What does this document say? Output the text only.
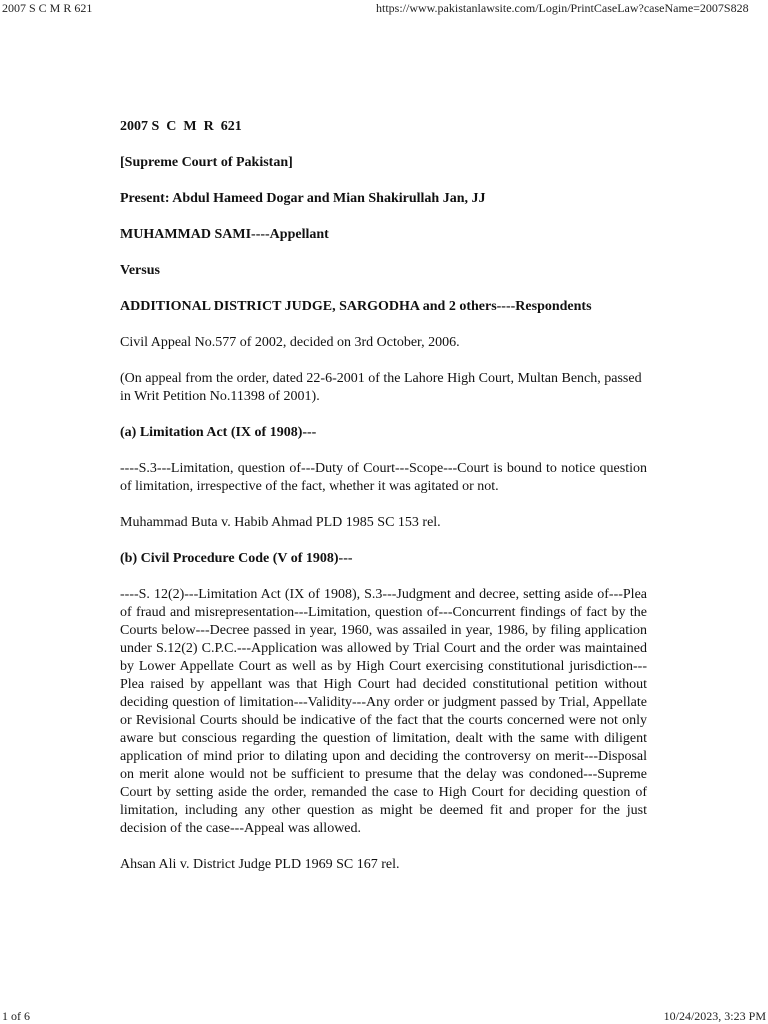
2007 S C M R 621	https://www.pakistanlawsite.com/Login/PrintCaseLaw?caseName=2007S828

2007 S  C  M  R  621

[Supreme Court of Pakistan]

Present: Abdul Hameed Dogar and Mian Shakirullah Jan, JJ

MUHAMMAD SAMI----Appellant

Versus

ADDITIONAL DISTRICT JUDGE, SARGODHA and 2 others----Respondents

Civil Appeal No.577 of 2002, decided on 3rd October, 2006.

(On appeal from the order, dated 22-6-2001 of the Lahore High Court, Multan Bench, passed in Writ Petition No.11398 of 2001).

(a) Limitation Act (IX of 1908)---

----S.3---Limitation, question of---Duty of Court---Scope---Court is bound to notice question of limitation, irrespective of the fact, whether it was agitated or not.

Muhammad Buta v. Habib Ahmad PLD 1985 SC 153 rel.

(b) Civil Procedure Code (V of 1908)---

----S. 12(2)---Limitation Act (IX of 1908), S.3---Judgment and decree, setting aside of---Plea of fraud and misrepresentation---Limitation, question of---Concurrent findings of fact by the Courts below---Decree passed in year, 1960, was assailed in year, 1986, by filing application under S.12(2) C.P.C.---Application was allowed by Trial Court and the order was maintained by Lower Appellate Court as well as by High Court exercising constitutional jurisdiction---Plea raised by appellant was that High Court had decided constitutional petition without deciding question of limitation---Validity---Any order or judgment passed by Trial, Appellate or Revisional Courts should be indicative of the fact that the courts concerned were not only aware but conscious regarding the question of limitation, dealt with the same with diligent application of mind prior to dilating upon and deciding the controversy on merit---Disposal on merit alone would not be sufficient to presume that the delay was condoned---Supreme Court by setting aside the order, remanded the case to High Court for deciding question of limitation, including any other question as might be deemed fit and proper for the just decision of the case---Appeal was allowed.

Ahsan Ali v. District Judge PLD 1969 SC 167 rel.

1 of 6	10/24/2023, 3:23 PM
